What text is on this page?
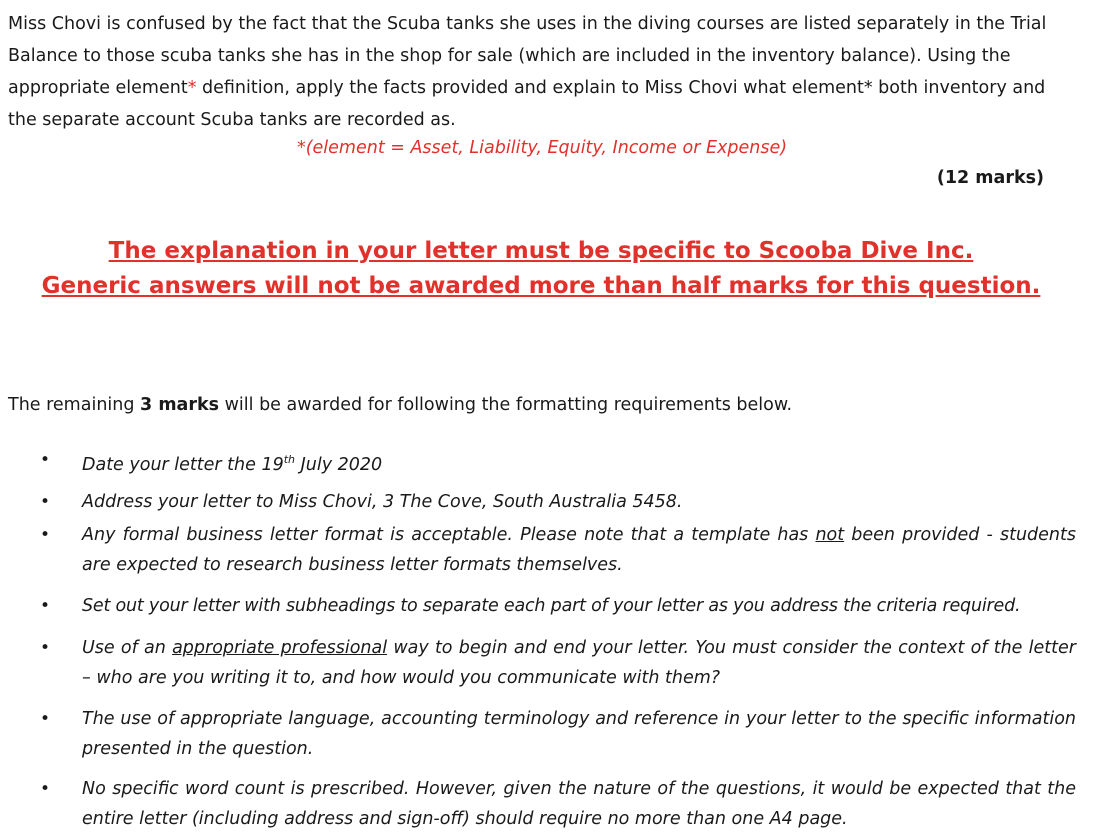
Miss Chovi is confused by the fact that the Scuba tanks she uses in the diving courses are listed separately in the Trial Balance to those scuba tanks she has in the shop for sale (which are included in the inventory balance). Using the appropriate element* definition, apply the facts provided and explain to Miss Chovi what element* both inventory and the separate account Scuba tanks are recorded as.

*(element = Asset, Liability, Equity, Income or Expense)

(12 marks)

The explanation in your letter must be specific to Scooba Dive Inc.
Generic answers will not be awarded more than half marks for this question.

The remaining 3 marks will be awarded for following the formatting requirements below.

• Date your letter the 19th July 2020
• Address your letter to Miss Chovi, 3 The Cove, South Australia 5458.
• Any formal business letter format is acceptable. Please note that a template has not been provided - students are expected to research business letter formats themselves.
• Set out your letter with subheadings to separate each part of your letter as you address the criteria required.
• Use of an appropriate professional way to begin and end your letter. You must consider the context of the letter – who are you writing it to, and how would you communicate with them?
• The use of appropriate language, accounting terminology and reference in your letter to the specific information presented in the question.
• No specific word count is prescribed. However, given the nature of the questions, it would be expected that the entire letter (including address and sign-off) should require no more than one A4 page.
